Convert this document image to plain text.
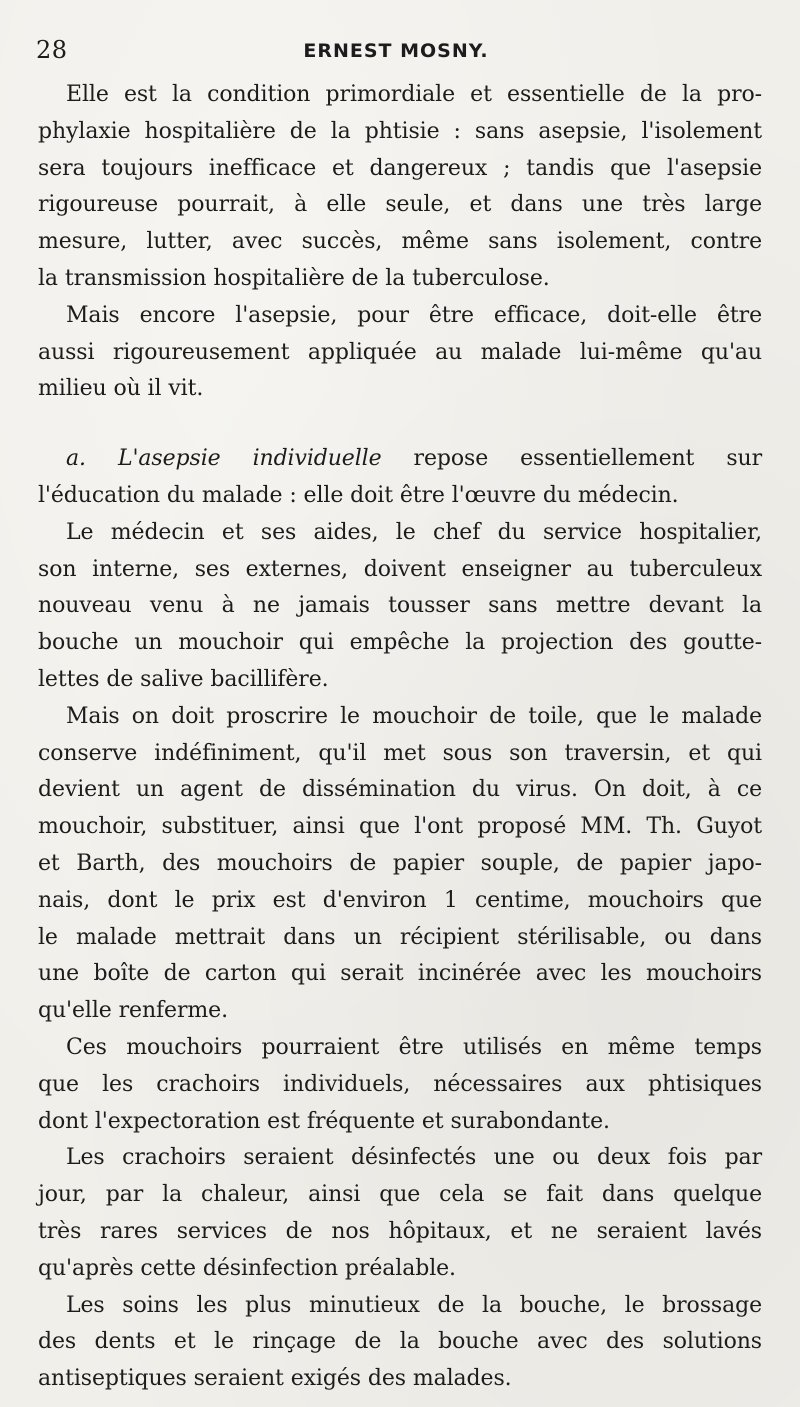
28	ERNEST MOSNY.
Elle est la condition primordiale et essentielle de la pro-
phylaxie hospitalière de la phtisie : sans asepsie, l'isolement
sera toujours inefficace et dangereux ; tandis que l'asepsie
rigoureuse pourrait, à elle seule, et dans une très large
mesure, lutter, avec succès, même sans isolement, contre
la transmission hospitalière de la tuberculose.
Mais encore l'asepsie, pour être efficace, doit-elle être
aussi rigoureusement appliquée au malade lui-même qu'au
milieu où il vit.
a. L'asepsie individuelle repose essentiellement sur
l'éducation du malade : elle doit être l'œuvre du médecin.
Le médecin et ses aides, le chef du service hospitalier,
son interne, ses externes, doivent enseigner au tuberculeux
nouveau venu à ne jamais tousser sans mettre devant la
bouche un mouchoir qui empêche la projection des goutte-
lettes de salive bacillifère.
Mais on doit proscrire le mouchoir de toile, que le malade
conserve indéfiniment, qu'il met sous son traversin, et qui
devient un agent de dissémination du virus. On doit, à ce
mouchoir, substituer, ainsi que l'ont proposé MM. Th. Guyot
et Barth, des mouchoirs de papier souple, de papier japo-
nais, dont le prix est d'environ 1 centime, mouchoirs que
le malade mettrait dans un récipient stérilisable, ou dans
une boîte de carton qui serait incinérée avec les mouchoirs
qu'elle renferme.
Ces mouchoirs pourraient être utilisés en même temps
que les crachoirs individuels, nécessaires aux phtisiques
dont l'expectoration est fréquente et surabondante.
Les crachoirs seraient désinfectés une ou deux fois par
jour, par la chaleur, ainsi que cela se fait dans quelque
très rares services de nos hôpitaux, et ne seraient lavés
qu'après cette désinfection préalable.
Les soins les plus minutieux de la bouche, le brossage
des dents et le rinçage de la bouche avec des solutions
antiseptiques seraient exigés des malades.
